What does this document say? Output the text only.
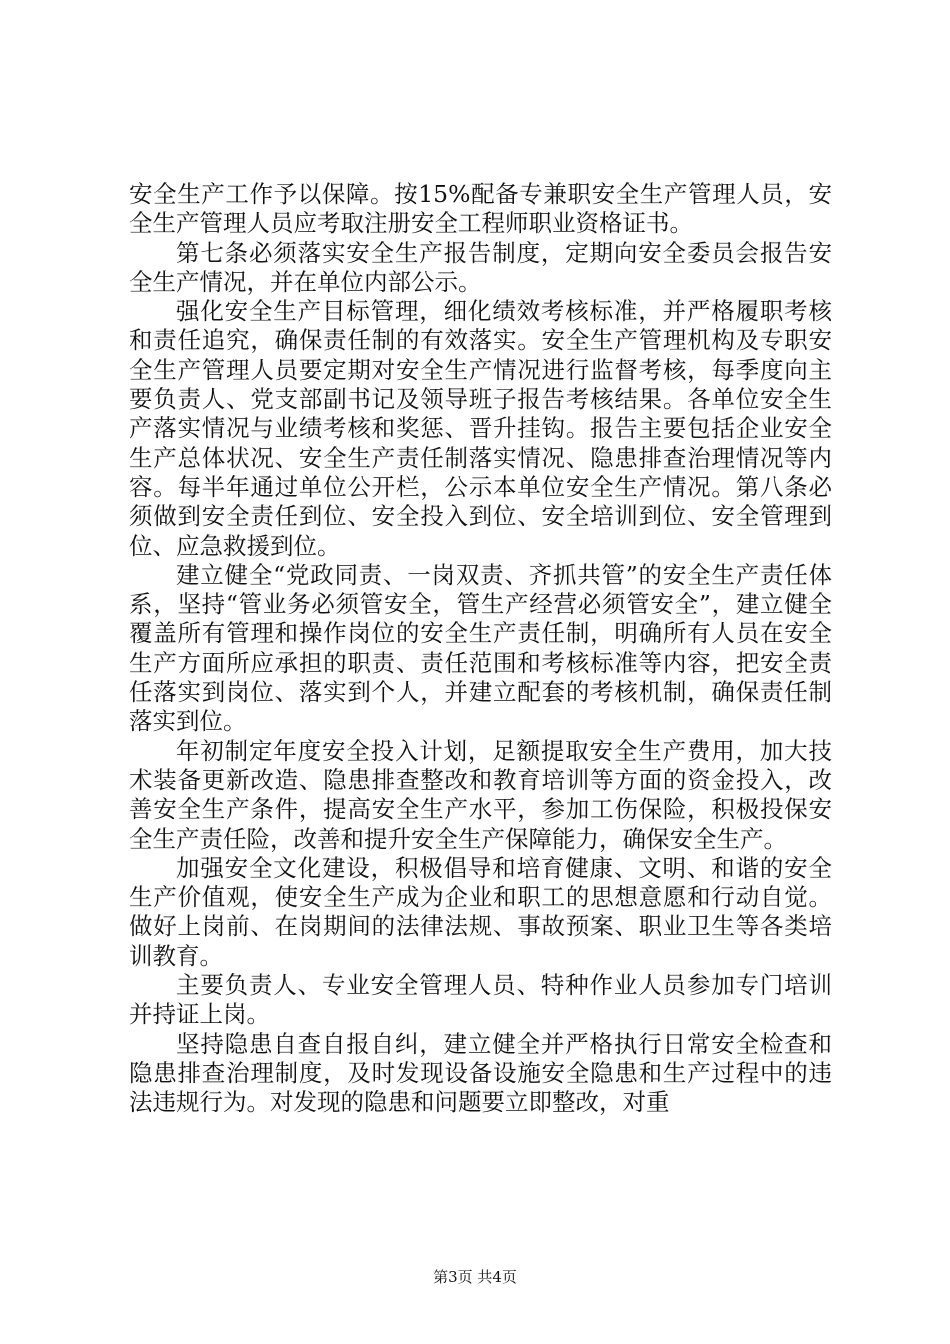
安全生产工作予以保障。按15%配备专兼职安全生产管理人员，安全生产管理人员应考取注册安全工程师职业资格证书。

第七条必须落实安全生产报告制度，定期向安全委员会报告安全生产情况，并在单位内部公示。

强化安全生产目标管理，细化绩效考核标准，并严格履职考核和责任追究，确保责任制的有效落实。安全生产管理机构及专职安全生产管理人员要定期对安全生产情况进行监督考核，每季度向主要负责人、党支部副书记及领导班子报告考核结果。各单位安全生产落实情况与业绩考核和奖惩、晋升挂钩。报告主要包括企业安全生产总体状况、安全生产责任制落实情况、隐患排查治理情况等内容。每半年通过单位公开栏，公示本单位安全生产情况。第八条必须做到安全责任到位、安全投入到位、安全培训到位、安全管理到位、应急救援到位。

建立健全“党政同责、一岗双责、齐抓共管”的安全生产责任体系，坚持“管业务必须管安全，管生产经营必须管安全”，建立健全覆盖所有管理和操作岗位的安全生产责任制，明确所有人员在安全生产方面所应承担的职责、责任范围和考核标准等内容，把安全责任落实到岗位、落实到个人，并建立配套的考核机制，确保责任制落实到位。

年初制定年度安全投入计划，足额提取安全生产费用，加大技术装备更新改造、隐患排查整改和教育培训等方面的资金投入，改善安全生产条件，提高安全生产水平，参加工伤保险，积极投保安全生产责任险，改善和提升安全生产保障能力，确保安全生产。

加强安全文化建设，积极倡导和培育健康、文明、和谐的安全生产价值观，使安全生产成为企业和职工的思想意愿和行动自觉。做好上岗前、在岗期间的法律法规、事故预案、职业卫生等各类培训教育。

主要负责人、专业安全管理人员、特种作业人员参加专门培训并持证上岗。

坚持隐患自查自报自纠，建立健全并严格执行日常安全检查和隐患排查治理制度，及时发现设备设施安全隐患和生产过程中的违法违规行为。对发现的隐患和问题要立即整改，对重

第3页 共4页
